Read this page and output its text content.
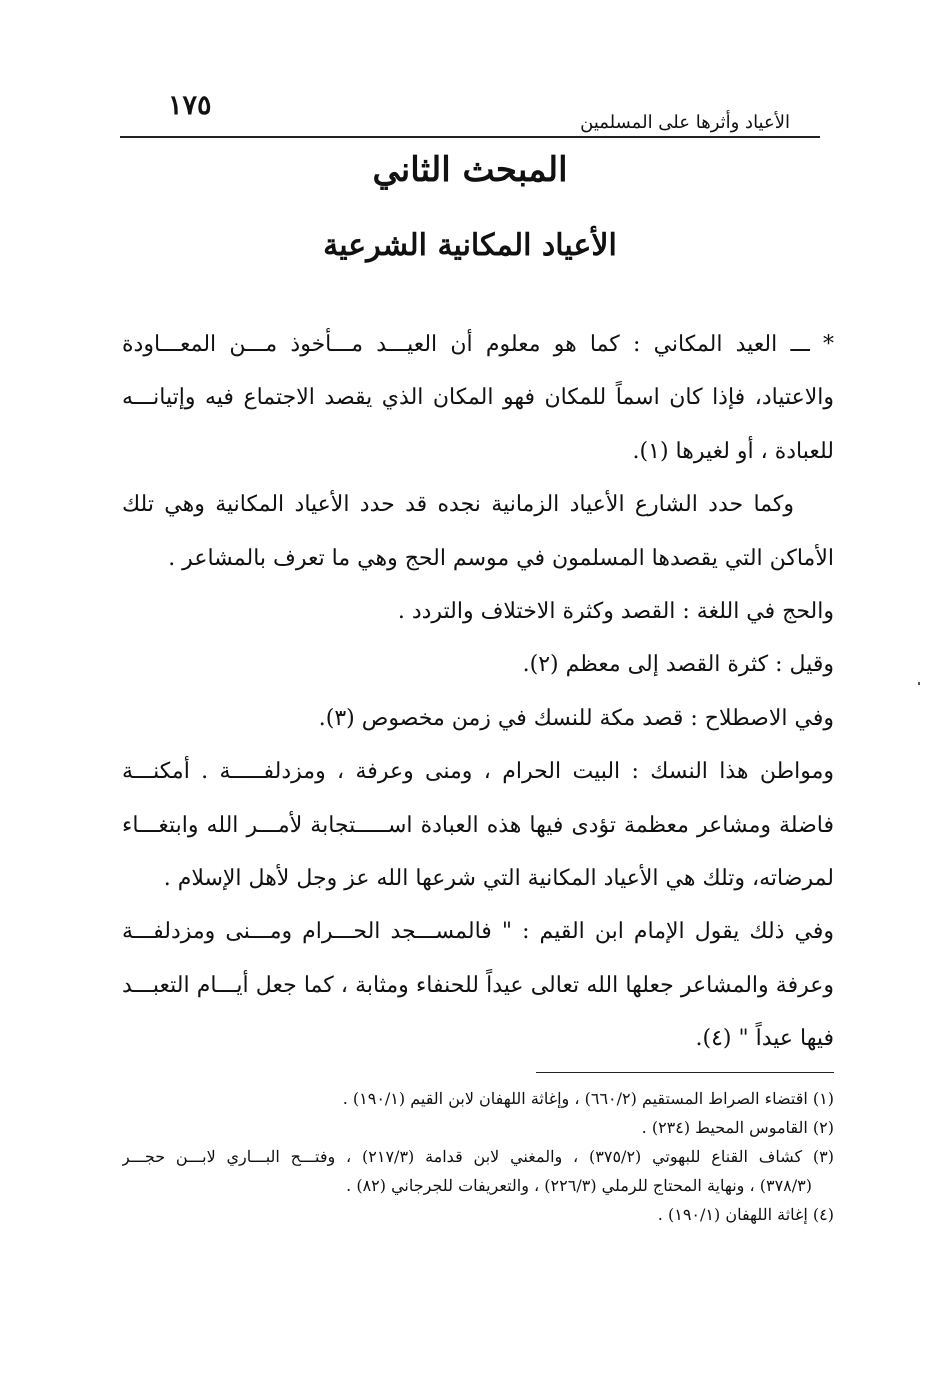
١٧٥
الأعياد وأثرها على المسلمين
المبحث الثاني
الأعياد المكانية الشرعية
* ـــ العيد المكاني : كما هو معلوم أن العيـــد مـــأخوذ مـــن المعـــاودة
والاعتياد، فإذا كان اسماً للمكان فهو المكان الذي يقصد الاجتماع فيه وإتيانـــه
للعبادة ، أو لغيرها (١).
وكما حدد الشارع الأعياد الزمانية نجده قد حدد الأعياد المكانية وهي تلك
الأماكن التي يقصدها المسلمون في موسم الحج وهي ما تعرف بالمشاعر .
والحج في اللغة : القصد وكثرة الاختلاف والتردد .
وقيل : كثرة القصد إلى معظم (٢).
وفي الاصطلاح : قصد مكة للنسك في زمن مخصوص (٣).
ومواطن هذا النسك : البيت الحرام ، ومنى وعرفة ، ومزدلفـــــة . أمكنـــة
فاضلة ومشاعر معظمة تؤدى فيها هذه العبادة اســـــتجابة لأمـــر الله وابتغـــاء
لمرضاته، وتلك هي الأعياد المكانية التي شرعها الله عز وجل لأهل الإسلام .
وفي ذلك يقول الإمام ابن القيم : " فالمســـجد الحـــرام ومـــنى ومزدلفـــة
وعرفة والمشاعر جعلها الله تعالى عيداً للحنفاء ومثابة ، كما جعل أيـــام التعبـــد
فيها عيداً " (٤).
(١) اقتضاء الصراط المستقيم (٦٦٠/٢) ، وإغاثة اللهفان لابن القيم (١٩٠/١) .
(٢) القاموس المحيط (٢٣٤) .
(٣) كشاف القناع للبهوتي (٣٧٥/٢) ، والمغني لابن قدامة (٢١٧/٣) ، وفتـــح البـــاري لابـــن حجـــر
(٣٧٨/٣) ، ونهاية المحتاج للرملي (٢٢٦/٣) ، والتعريفات للجرجاني (٨٢) .
(٤) إغاثة اللهفان (١٩٠/١) .
